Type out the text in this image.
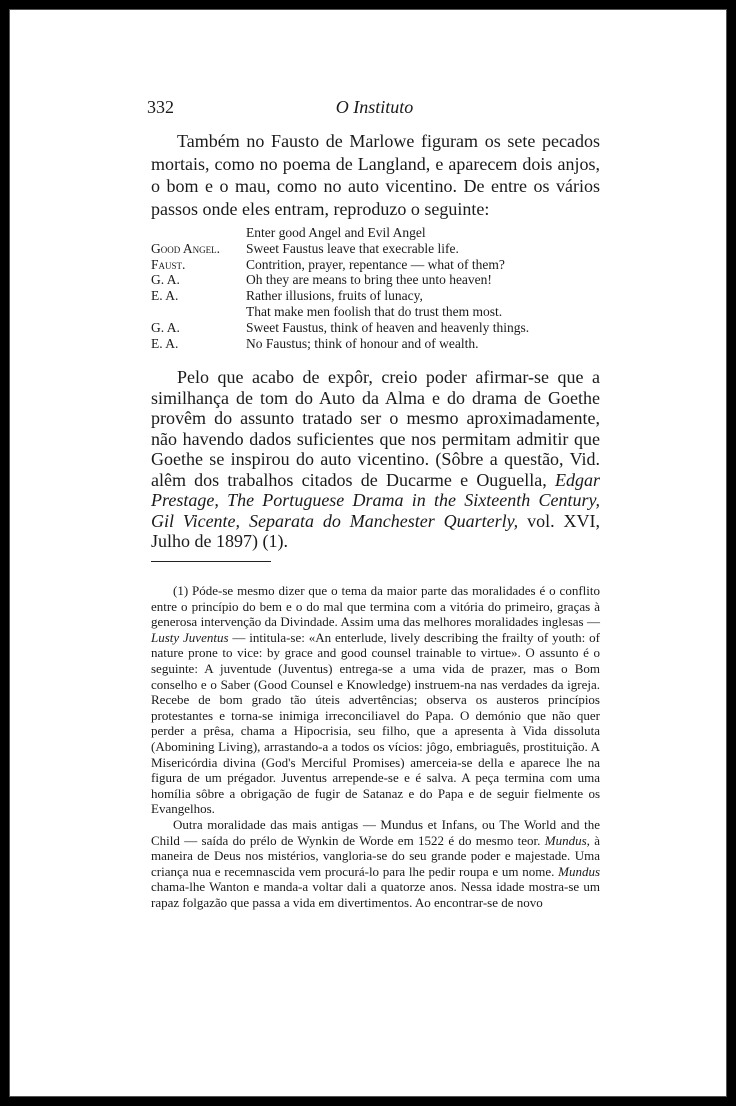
332	O Instituto
Também no Fausto de Marlowe figuram os sete pecados mortais, como no poema de Langland, e aparecem dois anjos, o bom e o mau, como no auto vicentino. De entre os vários passos onde eles entram, reproduzo o seguinte:
Enter good Angel and Evil Angel
Good Angel.	Sweet Faustus leave that execrable life.
Faust.	Contrition, prayer, repentance — what of them?
G. A.	Oh they are means to bring thee unto heaven!
E. A.	Rather illusions, fruits of lunacy,
That make men foolish that do trust them most.
G. A.	Sweet Faustus, think of heaven and heavenly things.
E. A.	No Faustus; think of honour and of wealth.
Pelo que acabo de expôr, creio poder afirmar-se que a similhança de tom do Auto da Alma e do drama de Goethe provêm do assunto tratado ser o mesmo aproximadamente, não havendo dados suficientes que nos permitam admitir que Goethe se inspirou do auto vicentino. (Sôbre a questão, Vid. alêm dos trabalhos citados de Ducarme e Ouguella, Edgar Prestage, The Portuguese Drama in the Sixteenth Century, Gil Vicente, Separata do Manchester Quarterly, vol. XVI, Julho de 1897) (1).

(1) Póde-se mesmo dizer que o tema da maior parte das moralidades é o conflito entre o princípio do bem e o do mal que termina com a vitória do primeiro, graças à generosa intervenção da Divindade. Assim uma das melhores moralidades inglesas — Lusty Juventus — intitula-se: «An enterlude, lively describing the frailty of youth: of nature prone to vice: by grace and good counsel trainable to virtue». O assunto é o seguinte: A juventude (Juventus) entrega-se a uma vida de prazer, mas o Bom conselho e o Saber (Good Counsel e Knowledge) instruem-na nas verdades da igreja. Recebe de bom grado tão úteis advertências; observa os austeros princípios protestantes e torna-se inimiga irreconciliavel do Papa. O demónio que não quer perder a prêsa, chama a Hipocrisia, seu filho, que a apresenta à Vida dissoluta (Abomining Living), arrastando-a a todos os vícios: jôgo, embriaguês, prostituição. A Misericórdia divina (God's Merciful Promises) amerceia-se della e aparece lhe na figura de um prégador. Juventus arrepende-se e é salva. A peça termina com uma homília sôbre a obrigação de fugir de Satanaz e do Papa e de seguir fielmente os Evangelhos.

Outra moralidade das mais antigas — Mundus et Infans, ou The World and the Child — saída do prélo de Wynkin de Worde em 1522 é do mesmo teor. Mundus, à maneira de Deus nos mistérios, vangloria-se do seu grande poder e majestade. Uma criança nua e recemnascida vem procurá-lo para lhe pedir roupa e um nome. Mundus chama-lhe Wanton e manda-a voltar dali a quatorze anos. Nessa idade mostra-se um rapaz folgazão que passa a vida em divertimentos. Ao encontrar-se de novo
